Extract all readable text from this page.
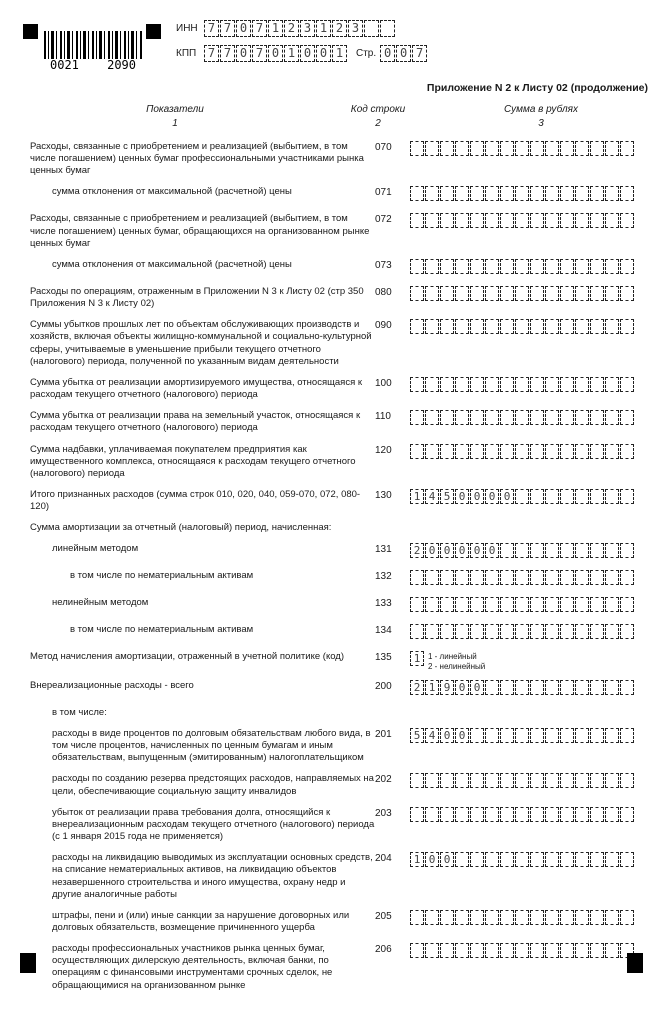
0021 2090
ИНН 7 7 0 7 1 2 3 1 2 3
КПП 7 7 0 7 0 1 0 0 1 Стр. 0 0 7
Приложение N 2 к Листу 02 (продолжение)
Показатели	Код строки	Сумма в рублях
1	2	3
Расходы, связанные с приобретением и реализацией (выбытием, в том числе погашением) ценных бумаг профессиональными участниками рынка ценных бумаг
070
сумма отклонения от максимальной (расчетной) цены	071
Расходы, связанные с приобретением и реализацией (выбытием, в том числе погашением) ценных бумаг, обращающихся на организованном рынке ценных бумаг
072
сумма отклонения от максимальной (расчетной) цены	073
Расходы по операциям, отраженным в Приложении N 3 к Листу 02 (стр 350 Приложения N 3 к Листу 02)
080
Суммы убытков прошлых лет по объектам обслуживающих производств и хозяйств, включая объекты жилищно-коммунальной и социально-культурной сферы, учитываемые в уменьшение прибыли текущего отчетного (налогового) периода, полученной по указанным видам деятельности
090
Сумма убытка от реализации амортизируемого имущества, относящаяся к расходам текущего отчетного (налогового) периода
100
Сумма убытка от реализации права на земельный участок, относящаяся к расходам текущего отчетного (налогового) периода
110
Сумма надбавки, уплачиваемая покупателем предприятия как имущественного комплекса, относящаяся к расходам текущего отчетного (налогового) периода
120
Итого признанных расходов (сумма строк 010, 020, 040, 059-070, 072, 080-120)
130	1 4 5 0 0 0 0
Сумма амортизации за отчетный (налоговый) период, начисленная:
линейным методом	131	2 0 0 0 0 0
в том числе по нематериальным активам	132
нелинейным методом	133
в том числе по нематериальным активам	134
Метод начисления амортизации, отраженный в учетной политике (код)	135	1 1 - линейный
2 - нелинейный
Внереализационные расходы - всего	200	2 1 9 0 0
в том числе:
расходы в виде процентов по долговым обязательствам любого вида, в том числе процентов, начисленных по ценным бумагам и иным обязательствам, выпущенным (эмитированным) налогоплательщиком
201	5 4 0 0
расходы по созданию резерва предстоящих расходов, направляемых на цели, обеспечивающие социальную защиту инвалидов
202
убыток от реализации права требования долга, относящийся к внереализационным расходам текущего отчетного (налогового) периода (с 1 января 2015 года не применяется)
203
расходы на ликвидацию выводимых из эксплуатации основных средств, на списание нематериальных активов, на ликвидацию объектов незавершенного строительства и иного имущества, охрану недр и другие аналогичные работы
204	1 0 0
штрафы, пени и (или) иные санкции за нарушение договорных или долговых обязательств, возмещение причиненного ущерба
205
расходы профессиональных участников рынка ценных бумаг, осуществляющих дилерскую деятельность, включая банки, по операциям с финансовыми инструментами срочных сделок, не обращающимися на организованном рынке
206
